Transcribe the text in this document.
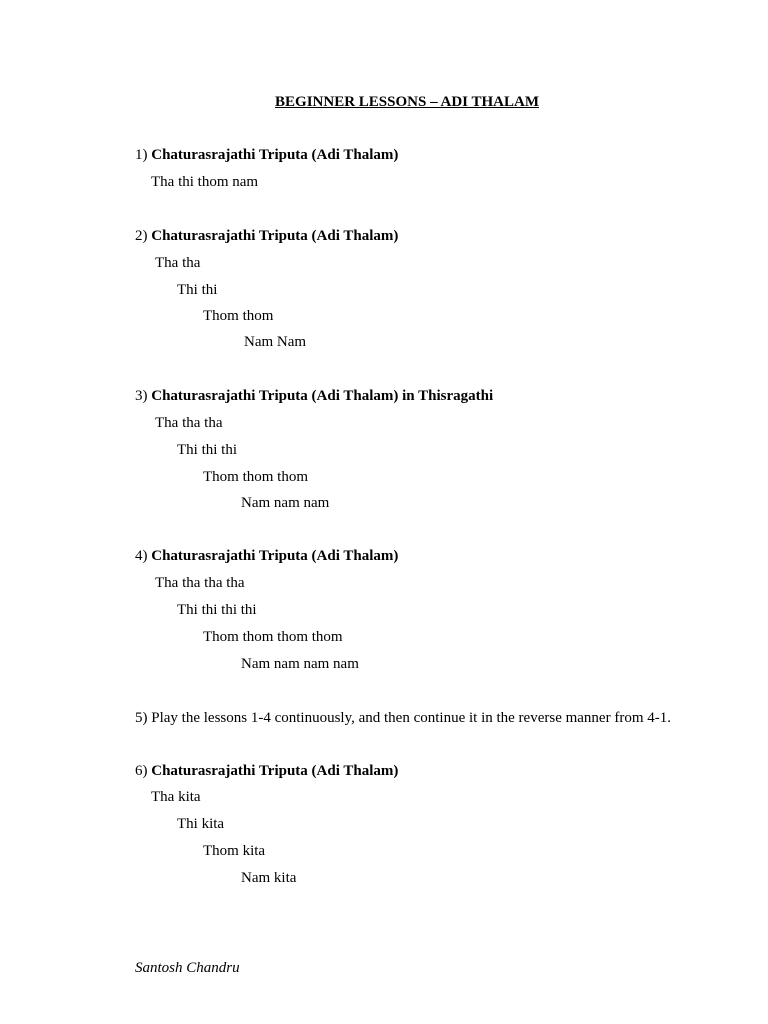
BEGINNER LESSONS – ADI THALAM
1) Chaturasrajathi Triputa (Adi Thalam)
Tha thi thom nam
2) Chaturasrajathi Triputa (Adi Thalam)
Tha tha
Thi thi
Thom thom
Nam Nam
3) Chaturasrajathi Triputa (Adi Thalam) in Thisragathi
Tha tha tha
Thi thi thi
Thom thom thom
Nam nam nam
4) Chaturasrajathi Triputa (Adi Thalam)
Tha tha tha tha
Thi thi thi thi
Thom thom thom thom
Nam nam nam nam
5) Play the lessons 1-4 continuously, and then continue it in the reverse manner from 4-1.
6) Chaturasrajathi Triputa (Adi Thalam)
Tha kita
Thi kita
Thom kita
Nam kita
Santosh Chandru
